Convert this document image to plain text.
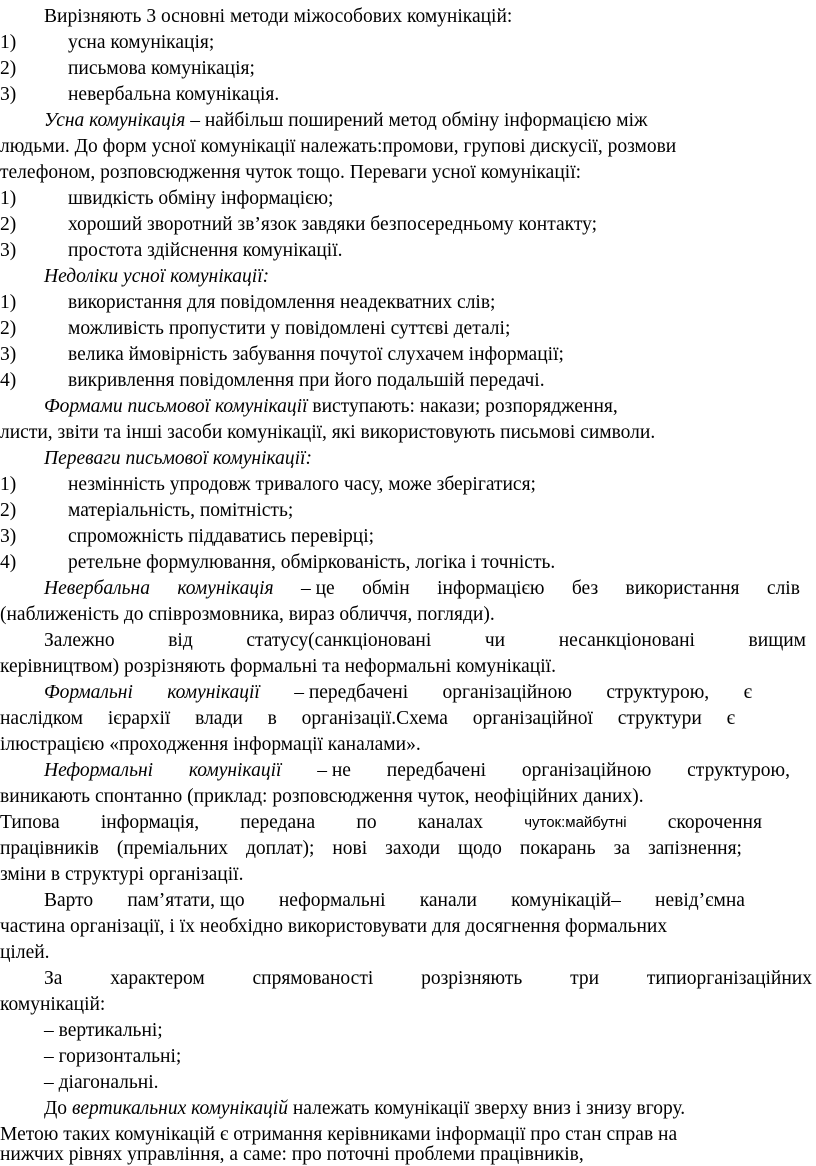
Вирізняють 3 основні методи міжособових комунікацій:
1)	усна комунікація;
2)	письмова комунікація;
3)	невербальна комунікація.
Усна комунікація – найбільш поширений метод обміну інформацією між
людьми. До форм усної комунікації належать:промови, групові дискусії, розмови
телефоном, розповсюдження чуток тощо. Переваги усної комунікації:
1)	швидкість обміну інформацією;
2)	хороший зворотний зв’язок завдяки безпосередньому контакту;
3)	простота здійснення комунікації.
Недоліки усної комунікації:
1)	використання для повідомлення неадекватних слів;
2)	можливість пропустити у повідомлені суттєві деталі;
3)	велика ймовірність забування почутої слухачем інформації;
4)	викривлення повідомлення при його подальшій передачі.
Формами письмової комунікації виступають: накази; розпорядження,
листи, звіти та інші засоби комунікації, які використовують письмові символи.
Переваги письмової комунікації:
1)	незмінність упродовж тривалого часу, може зберігатися;
2)	матеріальність, помітність;
3)	спроможність піддаватись перевірці;
4)	ретельне формулювання, обміркованість, логіка і точність.
Невербальна комунікація – це обмін інформацією без використання слів
(наближеність до співрозмовника, вираз обличчя, погляди).
Залежно	від	статусу(санкціоновані	чи	несанкціоновані	вищим
керівництвом) розрізняють формальні та неформальні комунікації.
Формальні комунікації – передбачені організаційною структурою, є
наслідком ієрархії влади в організації.Схема організаційної структури є
ілюстрацією «проходження інформації каналами».
Неформальні комунікації – не передбачені організаційною структурою,
виникають спонтанно (приклад: розповсюдження чуток, неофіційних даних).
Типова інформація, передана по каналах	чуток:майбутні скорочення
працівників (преміальних доплат); нові заходи щодо покарань за запізнення;
зміни в структурі організації.
Варто пам’ятати, що неформальні канали комунікацій– невід’ємна
частина організації, і їх необхідно використовувати для досягнення формальних
цілей.
За характером спрямованості розрізняють три типиорганізаційних
комунікацій:
– вертикальні;
– горизонтальні;
– діагональні.
До вертикальних комунікацій належать комунікації зверху вниз і знизу вгору.
Метою таких комунікацій є отримання керівниками інформації про стан справ на
нижчих рівнях управління, а саме: про поточні проблеми працівників,
